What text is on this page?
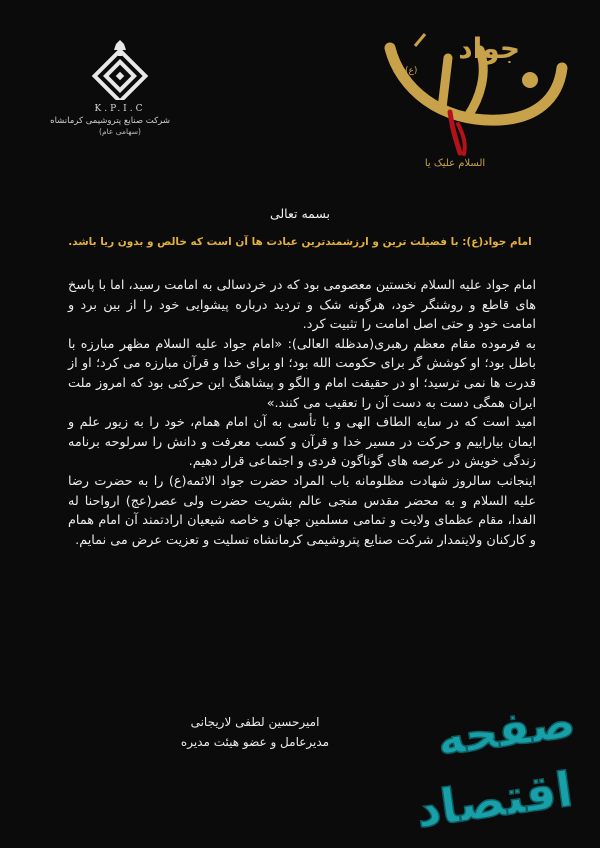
K.P.I.C
شرکت صنایع پتروشیمی کرمانشاه
(سهامی عام)
(ع)
جواد
السلام علیک یا
بسمه تعالی
امام جواد(ع): با فضیلت ترین و ارزشمندترین عبادت ها آن است که خالص و بدون ریا باشد.

امام جواد علیه السلام نخستین معصومی بود که در خردسالی به امامت رسید، اما با پاسخ های قاطع و روشنگر خود، هرگونه شک و تردید درباره پیشوایی خود را از بین برد و امامت خود و حتی اصل امامت را تثبیت کرد.

به فرموده مقام معظم رهبری(مدظله العالی): «امام جواد علیه السلام مظهر مبارزه با باطل بود؛ او کوشش گر برای حکومت الله بود؛ او برای خدا و قرآن مبارزه می کرد؛ او از قدرت ها نمی ترسید؛ او در حقیقت امام و الگو و پیشاهنگ این حرکتی بود که امروز ملت ایران همگی دست به دست آن را تعقیب می کنند.»

امید است که در سایه الطاف الهی و با تأسی به آن امام همام، خود را به زیور علم و ایمان بیاراییم و حرکت در مسیر خدا و قرآن و کسب معرفت و دانش را سرلوحه برنامه زندگی خویش در عرصه های گوناگون فردی و اجتماعی قرار دهیم.

اینجانب سالروز شهادت مظلومانه باب المراد حضرت جواد الائمه(ع) را به حضرت رضا علیه السلام و به محضر مقدس منجی عالم بشریت حضرت ولی عصر(عج) ارواحنا له الفدا، مقام عظمای ولایت و تمامی مسلمین جهان و خاصه شیعیان ارادتمند آن امام همام و کارکنان ولایتمدار شرکت صنایع پتروشیمی کرمانشاه تسلیت و تعزیت عرض می نمایم.

امیرحسین لطفی لاریجانی
مدیرعامل و عضو هیئت مدیره صفحه
اقتصاد
